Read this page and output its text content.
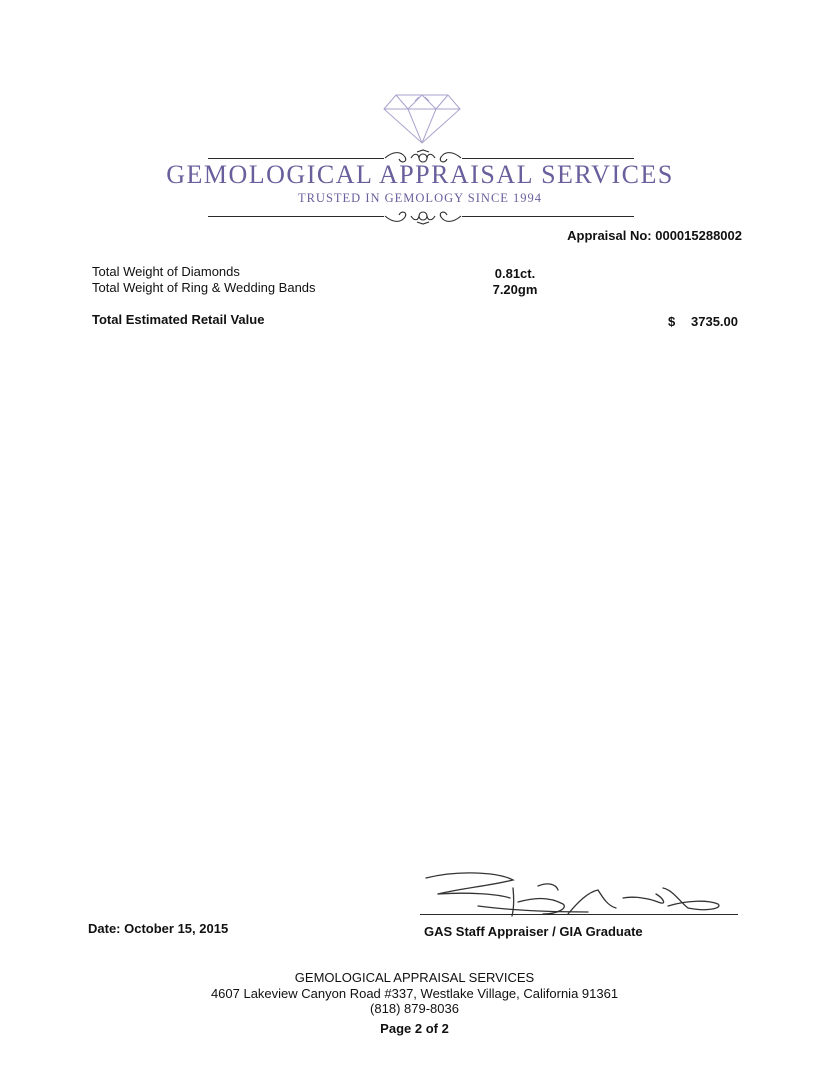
GEMOLOGICAL APPRAISAL SERVICES
TRUSTED IN GEMOLOGY SINCE 1994
Appraisal No: 000015288002
Total Weight of Diamonds	0.81ct.
Total Weight of Ring & Wedding Bands	7.20gm
Total Estimated Retail Value	$ 3735.00
Date: October 15, 2015	GAS Staff Appraiser / GIA Graduate
GEMOLOGICAL APPRAISAL SERVICES
4607 Lakeview Canyon Road #337, Westlake Village, California 91361
(818) 879-8036
Page 2 of 2
